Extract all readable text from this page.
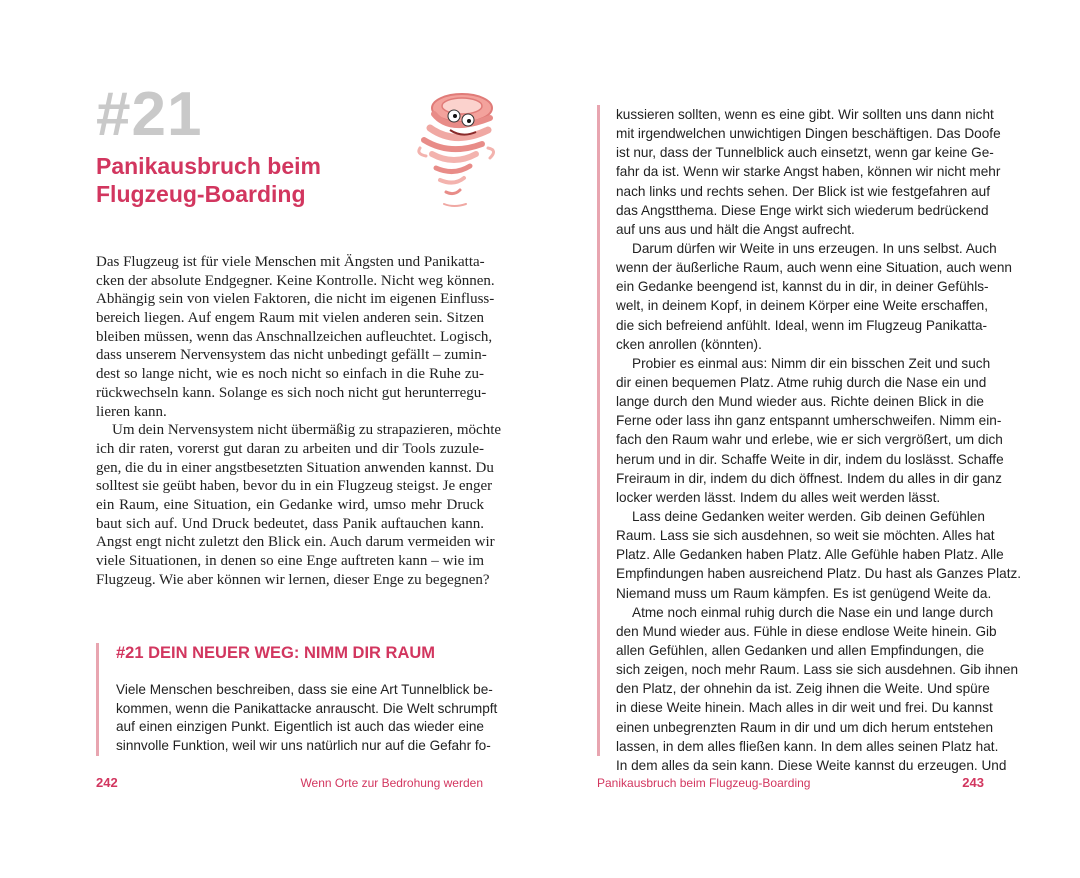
#21
Panikausbruch beim
Flugzeug-Boarding
Das Flugzeug ist für viele Menschen mit Ängsten und Panikatta-
cken der absolute Endgegner. Keine Kontrolle. Nicht weg können.
Abhängig sein von vielen Faktoren, die nicht im eigenen Einfluss-
bereich liegen. Auf engem Raum mit vielen anderen sein. Sitzen
bleiben müssen, wenn das Anschnallzeichen aufleuchtet. Logisch,
dass unserem Nervensystem das nicht unbedingt gefällt – zumin-
dest so lange nicht, wie es noch nicht so einfach in die Ruhe zu-
rückwechseln kann. Solange es sich noch nicht gut herunterregu-
lieren kann.
Um dein Nervensystem nicht übermäßig zu strapazieren, möchte
ich dir raten, vorerst gut daran zu arbeiten und dir Tools zuzule-
gen, die du in einer angstbesetzten Situation anwenden kannst. Du
solltest sie geübt haben, bevor du in ein Flugzeug steigst. Je enger
ein Raum, eine Situation, ein Gedanke wird, umso mehr Druck
baut sich auf. Und Druck bedeutet, dass Panik auftauchen kann.
Angst engt nicht zuletzt den Blick ein. Auch darum vermeiden wir
viele Situationen, in denen so eine Enge auftreten kann – wie im
Flugzeug. Wie aber können wir lernen, dieser Enge zu begegnen?
#21 DEIN NEUER WEG: NIMM DIR RAUM
Viele Menschen beschreiben, dass sie eine Art Tunnelblick be-
kommen, wenn die Panikattacke anrauscht. Die Welt schrumpft
auf einen einzigen Punkt. Eigentlich ist auch das wieder eine
sinnvolle Funktion, weil wir uns natürlich nur auf die Gefahr fo-
242	Wenn Orte zur Bedrohung werden
kussieren sollten, wenn es eine gibt. Wir sollten uns dann nicht
mit irgendwelchen unwichtigen Dingen beschäftigen. Das Doofe
ist nur, dass der Tunnelblick auch einsetzt, wenn gar keine Ge-
fahr da ist. Wenn wir starke Angst haben, können wir nicht mehr
nach links und rechts sehen. Der Blick ist wie festgefahren auf
das Angstthema. Diese Enge wirkt sich wiederum bedrückend
auf uns aus und hält die Angst aufrecht.
Darum dürfen wir Weite in uns erzeugen. In uns selbst. Auch
wenn der äußerliche Raum, auch wenn eine Situation, auch wenn
ein Gedanke beengend ist, kannst du in dir, in deiner Gefühls-
welt, in deinem Kopf, in deinem Körper eine Weite erschaffen,
die sich befreiend anfühlt. Ideal, wenn im Flugzeug Panikatta-
cken anrollen (könnten).
Probier es einmal aus: Nimm dir ein bisschen Zeit und such
dir einen bequemen Platz. Atme ruhig durch die Nase ein und
lange durch den Mund wieder aus. Richte deinen Blick in die
Ferne oder lass ihn ganz entspannt umherschweifen. Nimm ein-
fach den Raum wahr und erlebe, wie er sich vergrößert, um dich
herum und in dir. Schaffe Weite in dir, indem du loslässt. Schaffe
Freiraum in dir, indem du dich öffnest. Indem du alles in dir ganz
locker werden lässt. Indem du alles weit werden lässt.
Lass deine Gedanken weiter werden. Gib deinen Gefühlen
Raum. Lass sie sich ausdehnen, so weit sie möchten. Alles hat
Platz. Alle Gedanken haben Platz. Alle Gefühle haben Platz. Alle
Empfindungen haben ausreichend Platz. Du hast als Ganzes Platz.
Niemand muss um Raum kämpfen. Es ist genügend Weite da.
Atme noch einmal ruhig durch die Nase ein und lange durch
den Mund wieder aus. Fühle in diese endlose Weite hinein. Gib
allen Gefühlen, allen Gedanken und allen Empfindungen, die
sich zeigen, noch mehr Raum. Lass sie sich ausdehnen. Gib ihnen
den Platz, der ohnehin da ist. Zeig ihnen die Weite. Und spüre
in diese Weite hinein. Mach alles in dir weit und frei. Du kannst
einen unbegrenzten Raum in dir und um dich herum entstehen
lassen, in dem alles fließen kann. In dem alles seinen Platz hat.
In dem alles da sein kann. Diese Weite kannst du erzeugen. Und
Panikausbruch beim Flugzeug-Boarding	243
